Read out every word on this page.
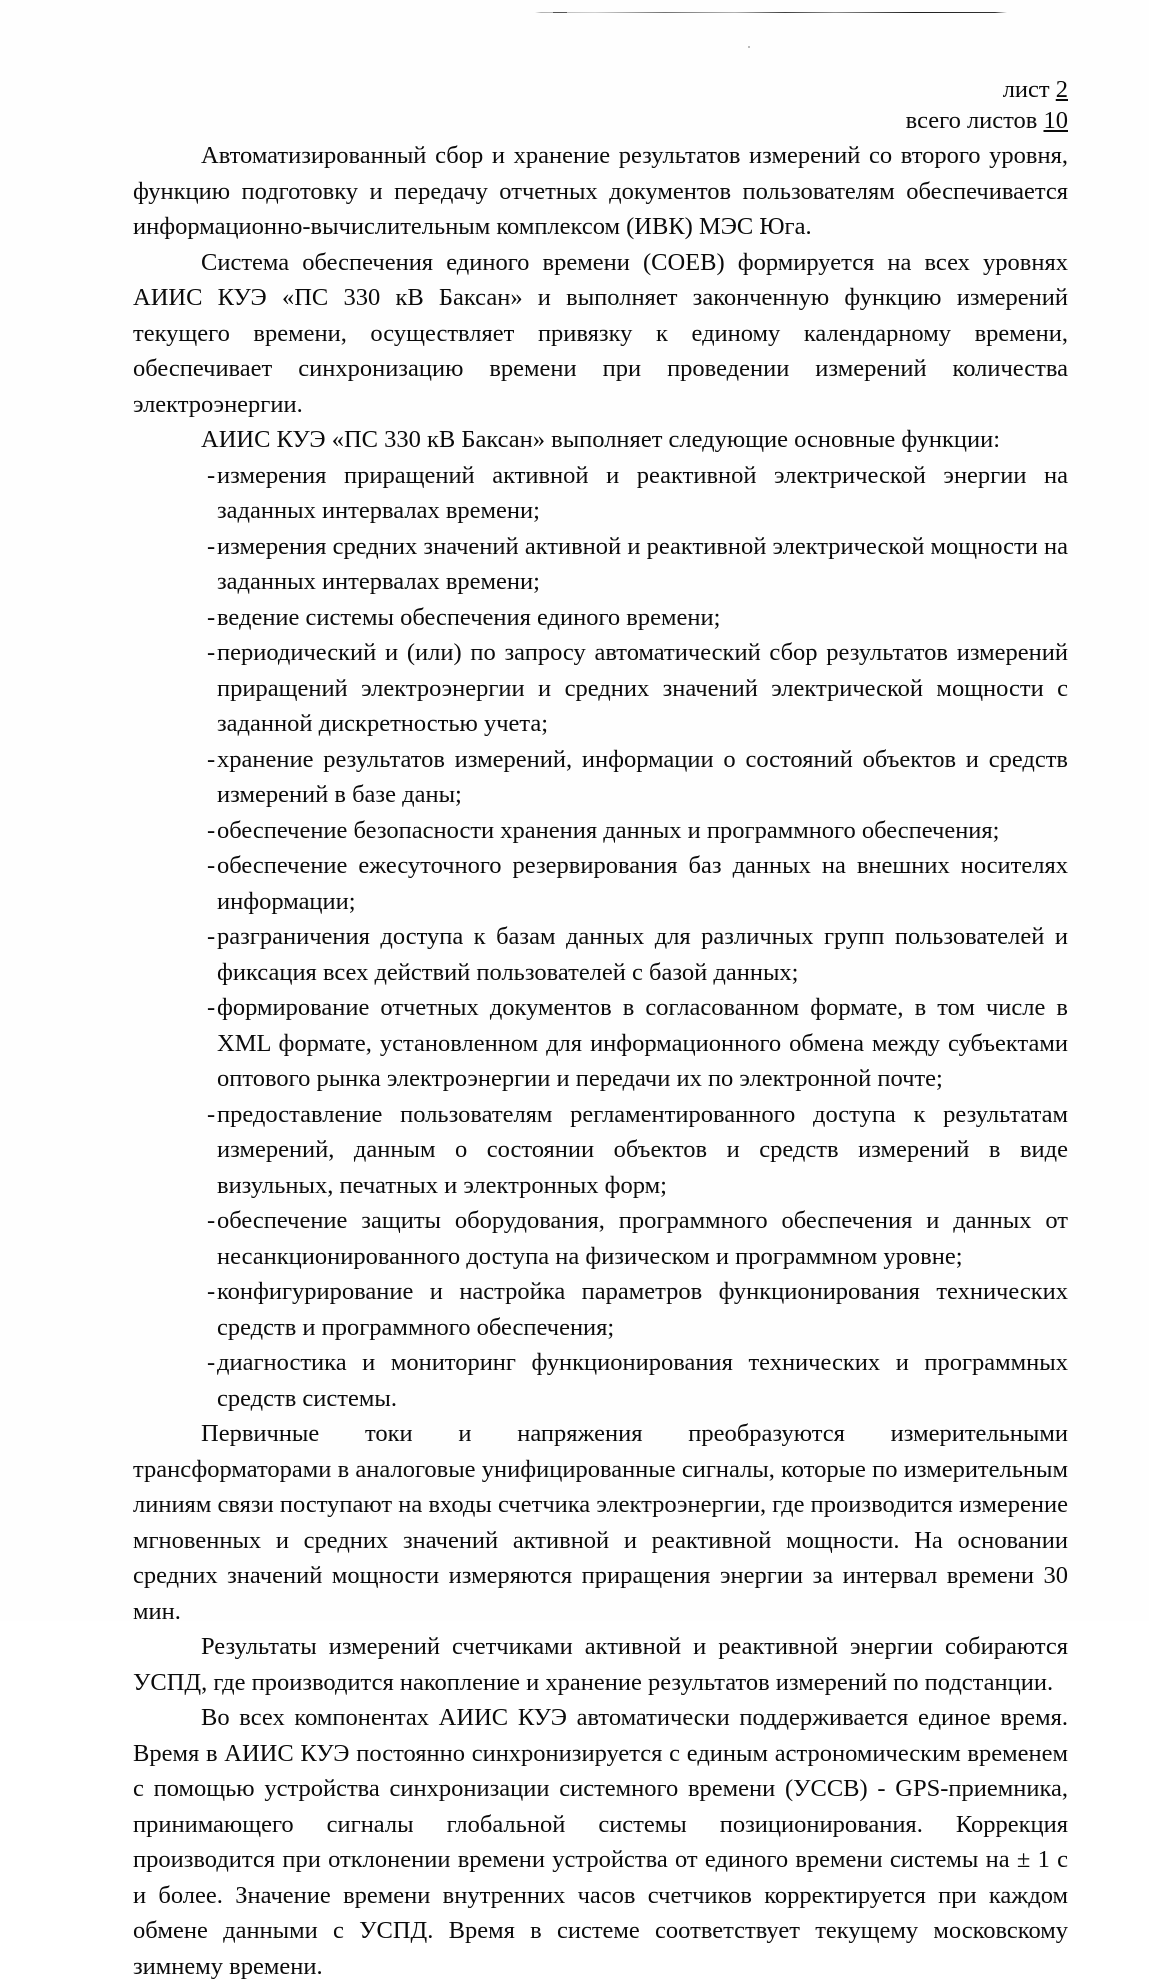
лист 2
всего листов 10

Автоматизированный сбор и хранение результатов измерений со второго уровня, функцию подготовку и передачу отчетных документов пользователям обеспечивается информационно-вычислительным комплексом (ИВК) МЭС Юга.

Система обеспечения единого времени (СОЕВ) формируется на всех уровнях АИИС КУЭ «ПС 330 кВ Баксан» и выполняет законченную функцию измерений текущего времени, осуществляет привязку к единому календарному времени, обеспечивает синхронизацию времени при проведении измерений количества электроэнергии.

АИИС КУЭ «ПС 330 кВ Баксан» выполняет следующие основные функции:

- измерения приращений активной и реактивной электрической энергии на заданных интервалах времени;
- измерения средних значений активной и реактивной электрической мощности на заданных интервалах времени;
- ведение системы обеспечения единого времени;
- периодический и (или) по запросу автоматический сбор результатов измерений приращений электроэнергии и средних значений электрической мощности с заданной дискретностью учета;
- хранение результатов измерений, информации о состояний объектов и средств измерений в базе даны;
- обеспечение безопасности хранения данных и программного обеспечения;
- обеспечение ежесуточного резервирования баз данных на внешних носителях информации;
- разграничения доступа к базам данных для различных групп пользователей и фиксация всех действий пользователей с базой данных;
- формирование отчетных документов в согласованном формате, в том числе в XML формате, установленном для информационного обмена между субъектами оптового рынка электроэнергии и передачи их по электронной почте;
- предоставление пользователям регламентированного доступа к результатам измерений, данным о состоянии объектов и средств измерений в виде визульных, печатных и электронных форм;
- обеспечение защиты оборудования, программного обеспечения и данных от несанкционированного доступа на физическом и программном уровне;
- конфигурирование и настройка параметров функционирования технических средств и программного обеспечения;
- диагностика и мониторинг функционирования технических и программных средств системы.

Первичные токи и напряжения преобразуются измерительными трансформаторами в аналоговые унифицированные сигналы, которые по измерительным линиям связи поступают на входы счетчика электроэнергии, где производится измерение мгновенных и средних значений активной и реактивной мощности. На основании средних значений мощности измеряются приращения энергии за интервал времени 30 мин.

Результаты измерений счетчиками активной и реактивной энергии собираются УСПД, где производится накопление и хранение результатов измерений по подстанции.

Во всех компонентах АИИС КУЭ автоматически поддерживается единое время. Время в АИИС КУЭ постоянно синхронизируется с единым астрономическим временем с помощью устройства синхронизации системного времени (УССВ) - GPS-приемника, принимающего сигналы глобальной системы позиционирования. Коррекция производится при отклонении времени устройства от единого времени системы на ± 1 с и более. Значение времени внутренних часов счетчиков корректируется при каждом обмене данными с УСПД. Время в системе соответствует текущему московскому зимнему времени.
